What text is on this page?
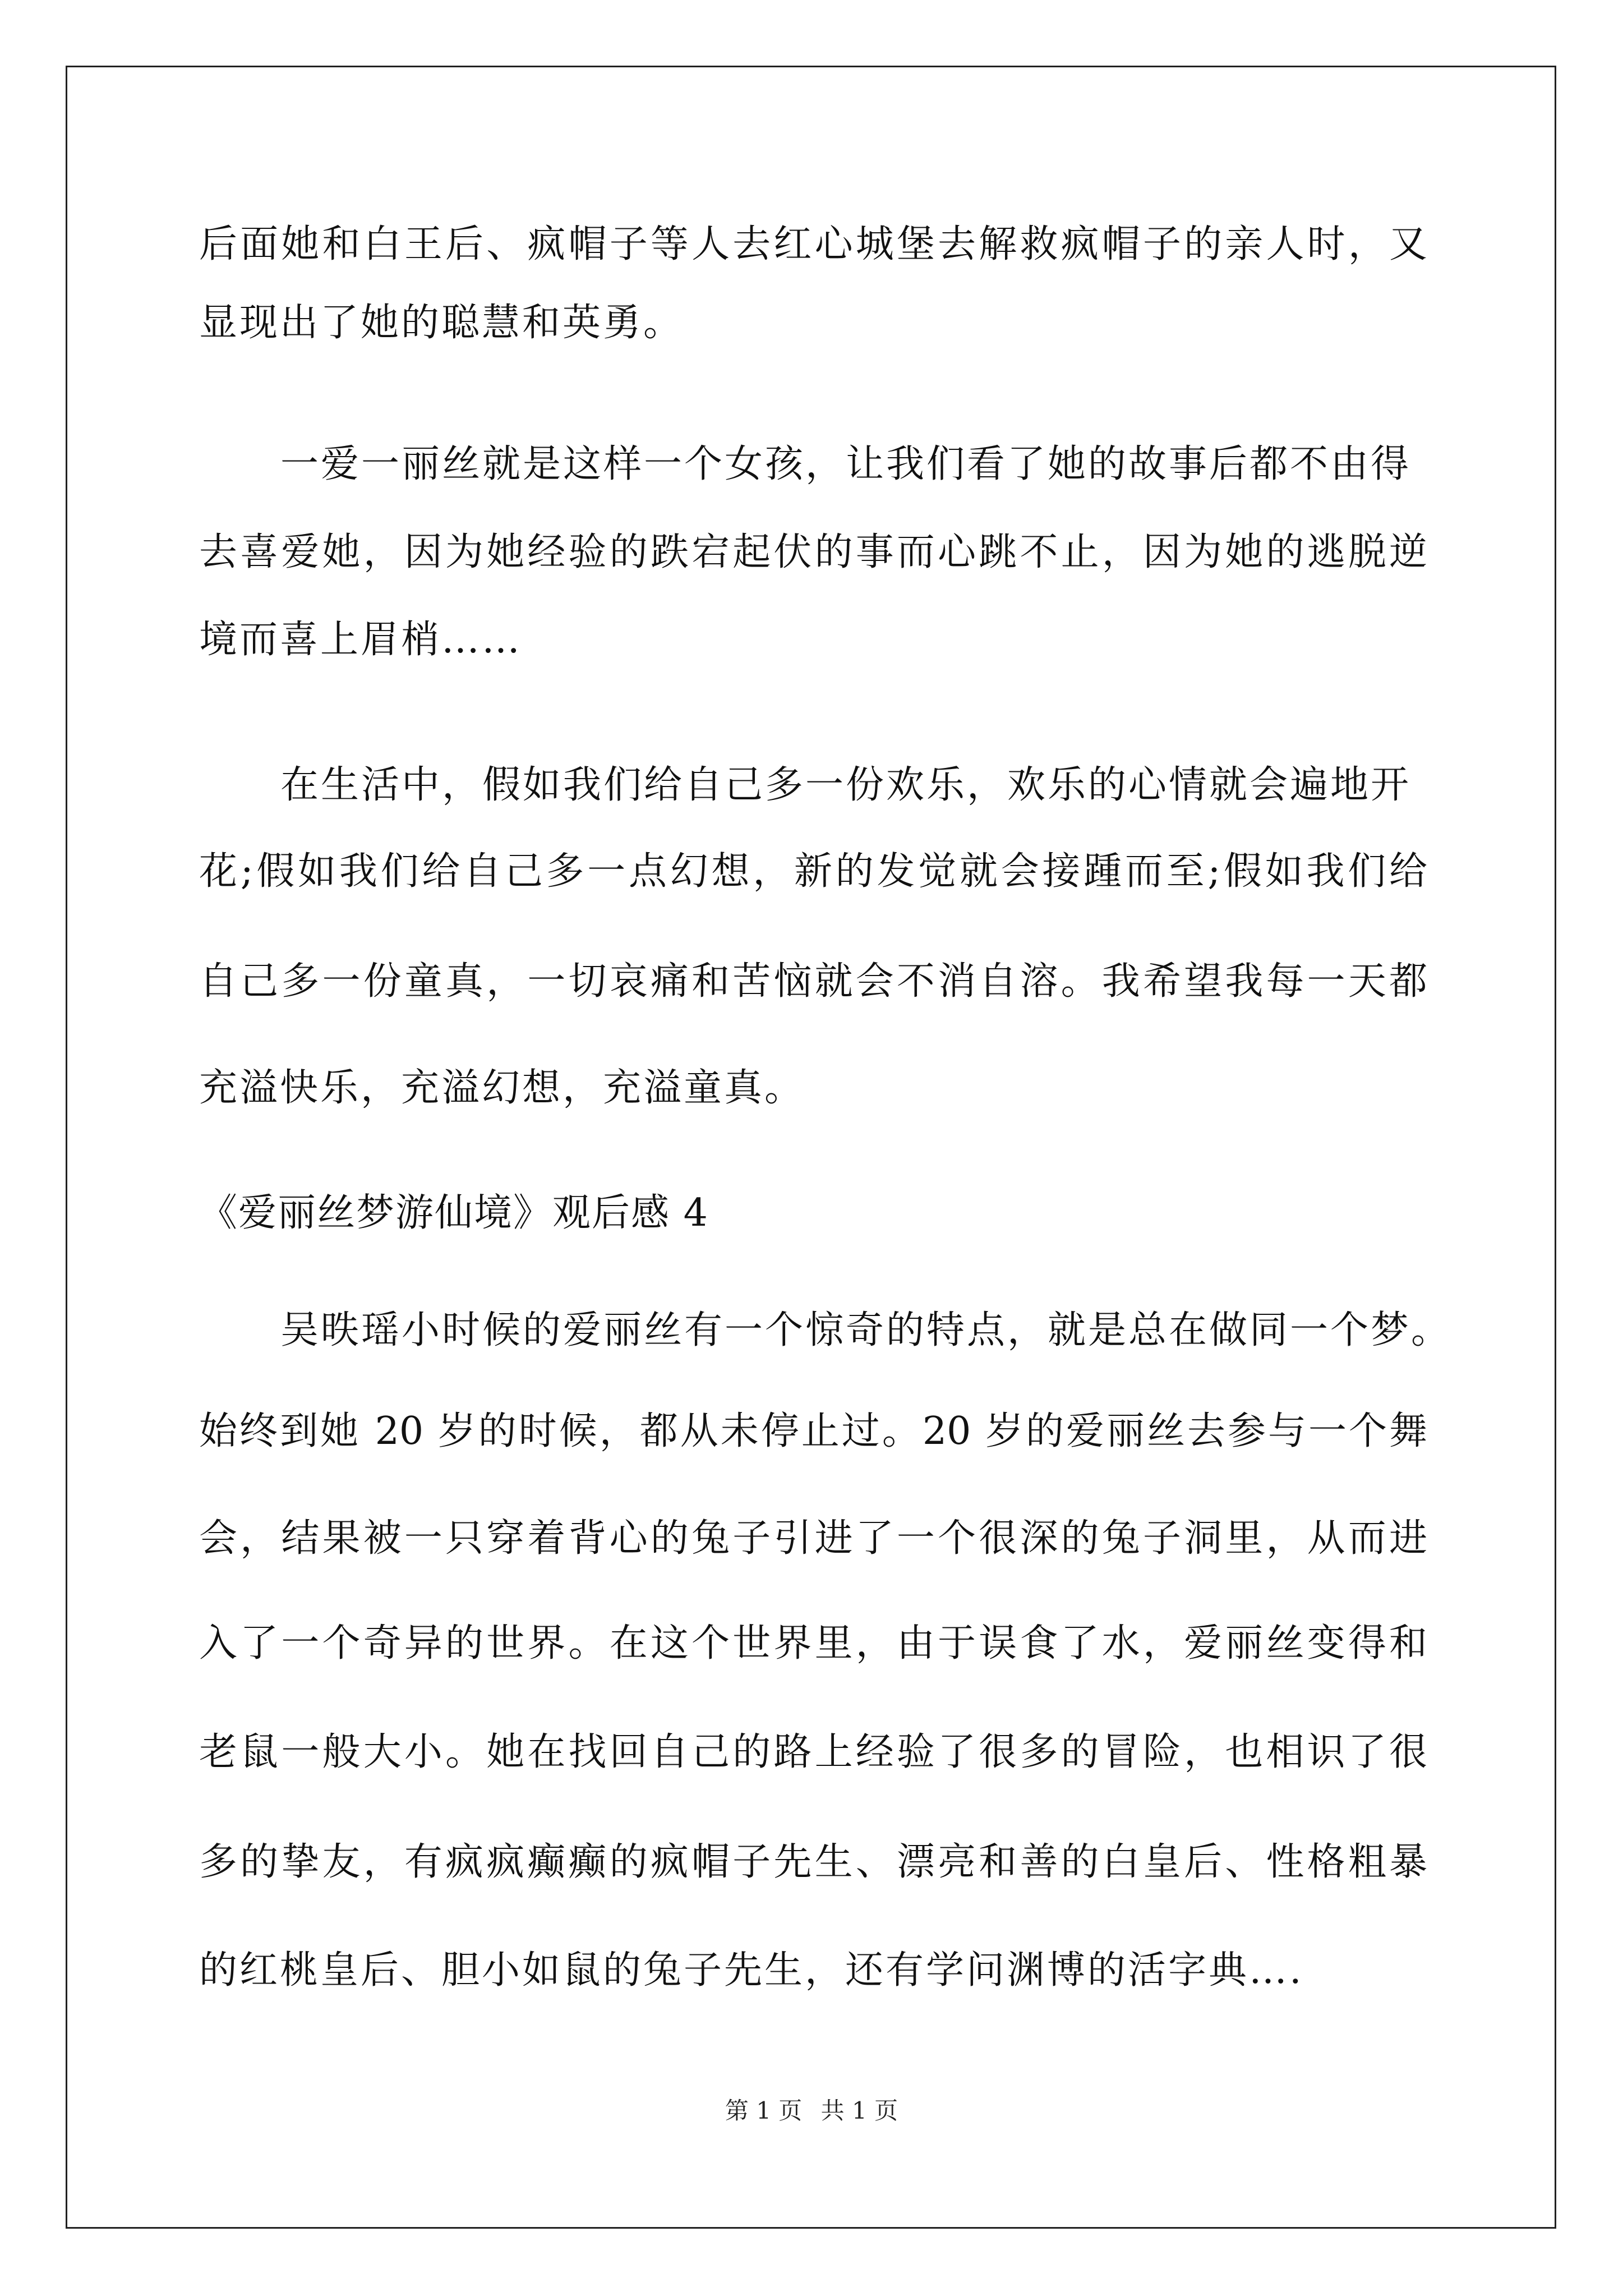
后面她和白王后、疯帽子等人去红心城堡去解救疯帽子的亲人时，又
显现出了她的聪慧和英勇。
一爱一丽丝就是这样一个女孩，让我们看了她的故事后都不由得
去喜爱她，因为她经验的跌宕起伏的事而心跳不止，因为她的逃脱逆
境而喜上眉梢……
在生活中，假如我们给自己多一份欢乐，欢乐的心情就会遍地开
花;假如我们给自己多一点幻想，新的发觉就会接踵而至;假如我们给
自己多一份童真，一切哀痛和苦恼就会不消自溶。我希望我每一天都
充溢快乐，充溢幻想，充溢童真。
《爱丽丝梦游仙境》观后感 4
吴昳瑶小时候的爱丽丝有一个惊奇的特点，就是总在做同一个梦。
始终到她 20 岁的时候，都从未停止过。20 岁的爱丽丝去参与一个舞
会，结果被一只穿着背心的兔子引进了一个很深的兔子洞里，从而进
入了一个奇异的世界。在这个世界里，由于误食了水，爱丽丝变得和
老鼠一般大小。她在找回自己的路上经验了很多的冒险，也相识了很
多的挚友，有疯疯癫癫的疯帽子先生、漂亮和善的白皇后、性格粗暴
的红桃皇后、胆小如鼠的兔子先生，还有学问渊博的活字典….
第 1 页 共 1 页
